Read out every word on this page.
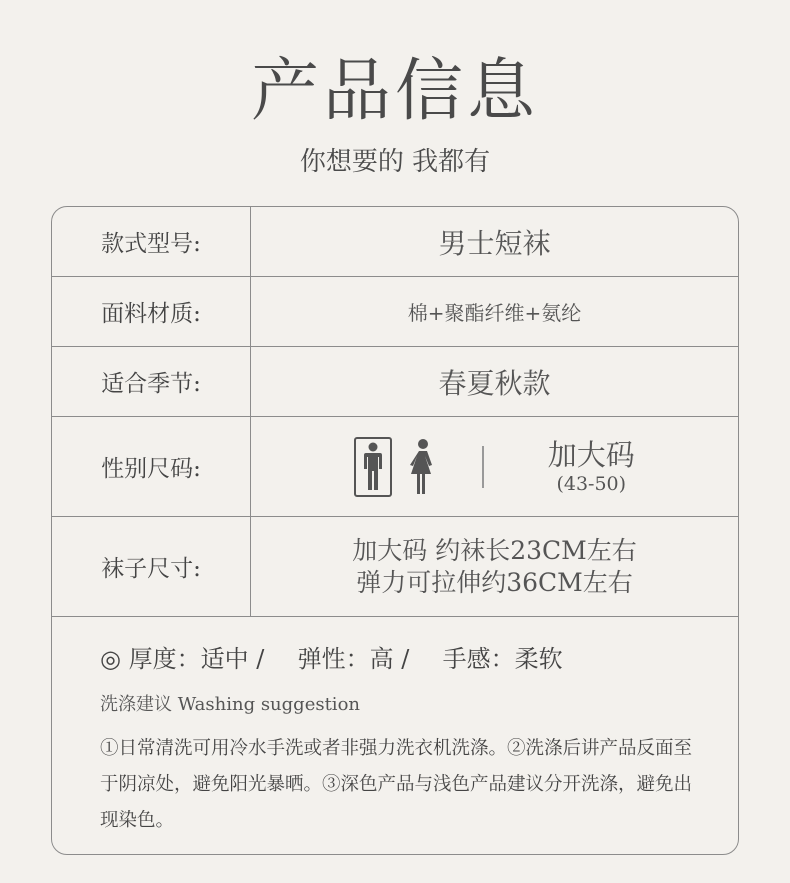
产品信息
你想要的 我都有
款式型号:	男士短袜
面料材质:	棉+聚酯纤维+氨纶
适合季节:	春夏秋款
性别尺码:	加大码
(43-50)
袜子尺寸:
加大码 约袜长23CM左右
弹力可拉伸约36CM左右
◎ 厚度：适中 / 弹性：高 / 手感：柔软
洗涤建议 Washing suggestion
①日常清洗可用冷水手洗或者非强力洗衣机洗涤。②洗涤后讲产品反面至于阴凉处，避免阳光暴晒。③深色产品与浅色产品建议分开洗涤，避免出现染色。
